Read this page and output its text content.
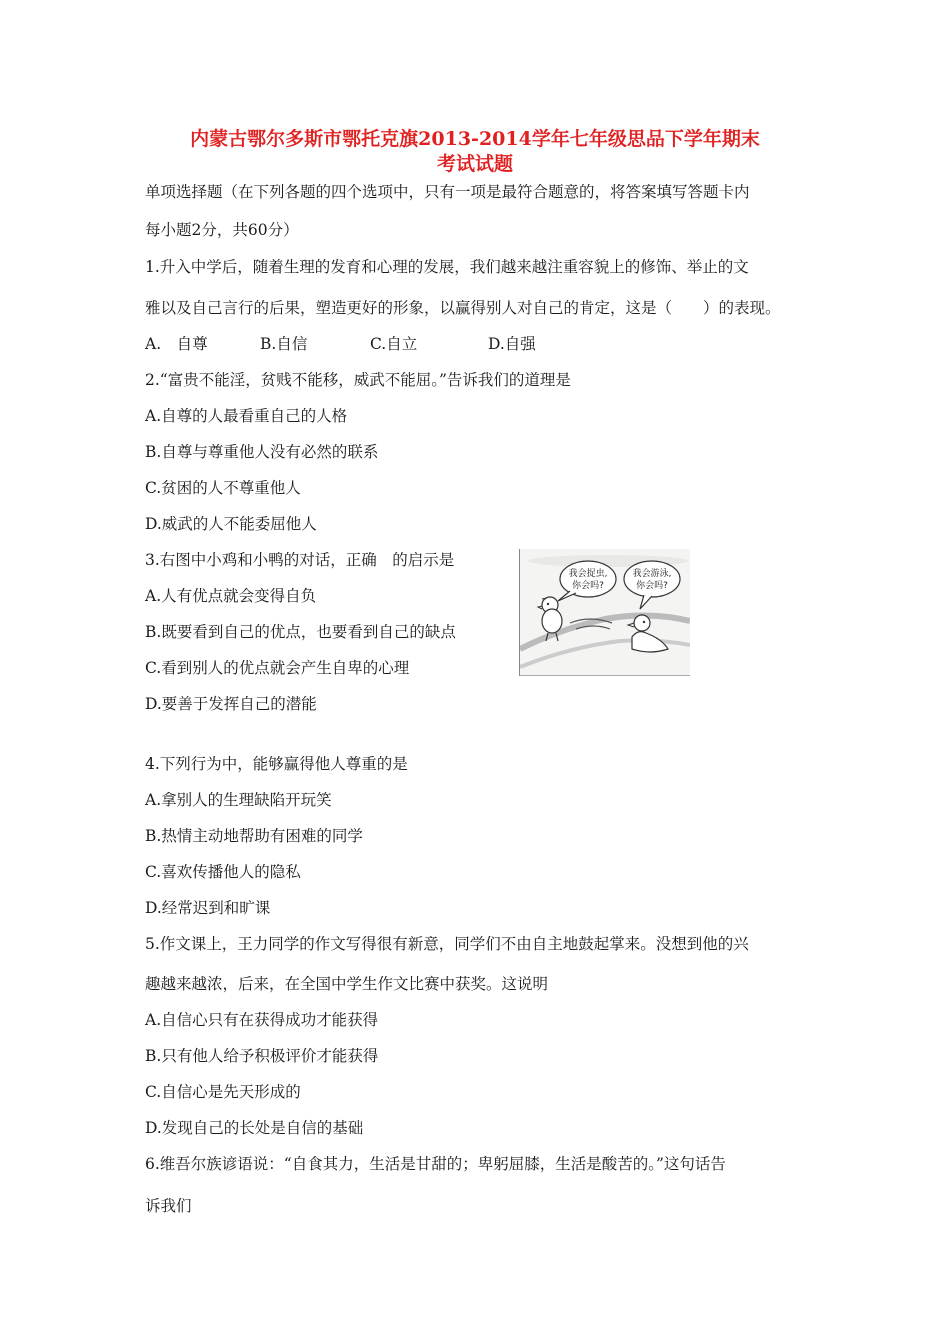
内蒙古鄂尔多斯市鄂托克旗2013-2014学年七年级思品下学年期末
考试试题
单项选择题（在下列各题的四个选项中，只有一项是最符合题意的，将答案填写答题卡内
每小题2分，共60分）
1.升入中学后，随着生理的发育和心理的发展，我们越来越注重容貌上的修饰、举止的文
雅以及自己言行的后果，塑造更好的形象，以赢得别人对自己的肯定，这是（　　）的表现。
A.　自尊	B.自信	C.自立	D.自强
2.“富贵不能淫，贫贱不能移，威武不能屈。”告诉我们的道理是
A.自尊的人最看重自己的人格
B.自尊与尊重他人没有必然的联系
C.贫困的人不尊重他人
D.威武的人不能委屈他人
3.右图中小鸡和小鸭的对话，正确　的启示是
A.人有优点就会变得自负
B.既要看到自己的优点，也要看到自己的缺点
C.看到别人的优点就会产生自卑的心理
D.要善于发挥自己的潜能
我会捉虫,
你会吗?
我会游泳,
你会吗?
4.下列行为中，能够赢得他人尊重的是
A.拿别人的生理缺陷开玩笑
B.热情主动地帮助有困难的同学
C.喜欢传播他人的隐私
D.经常迟到和旷课
5.作文课上，王力同学的作文写得很有新意，同学们不由自主地鼓起掌来。没想到他的兴
趣越来越浓，后来，在全国中学生作文比赛中获奖。这说明
A.自信心只有在获得成功才能获得
B.只有他人给予积极评价才能获得
C.自信心是先天形成的
D.发现自己的长处是自信的基础
6.维吾尔族谚语说：“自食其力，生活是甘甜的；卑躬屈膝，生活是酸苦的。”这句话告
诉我们
